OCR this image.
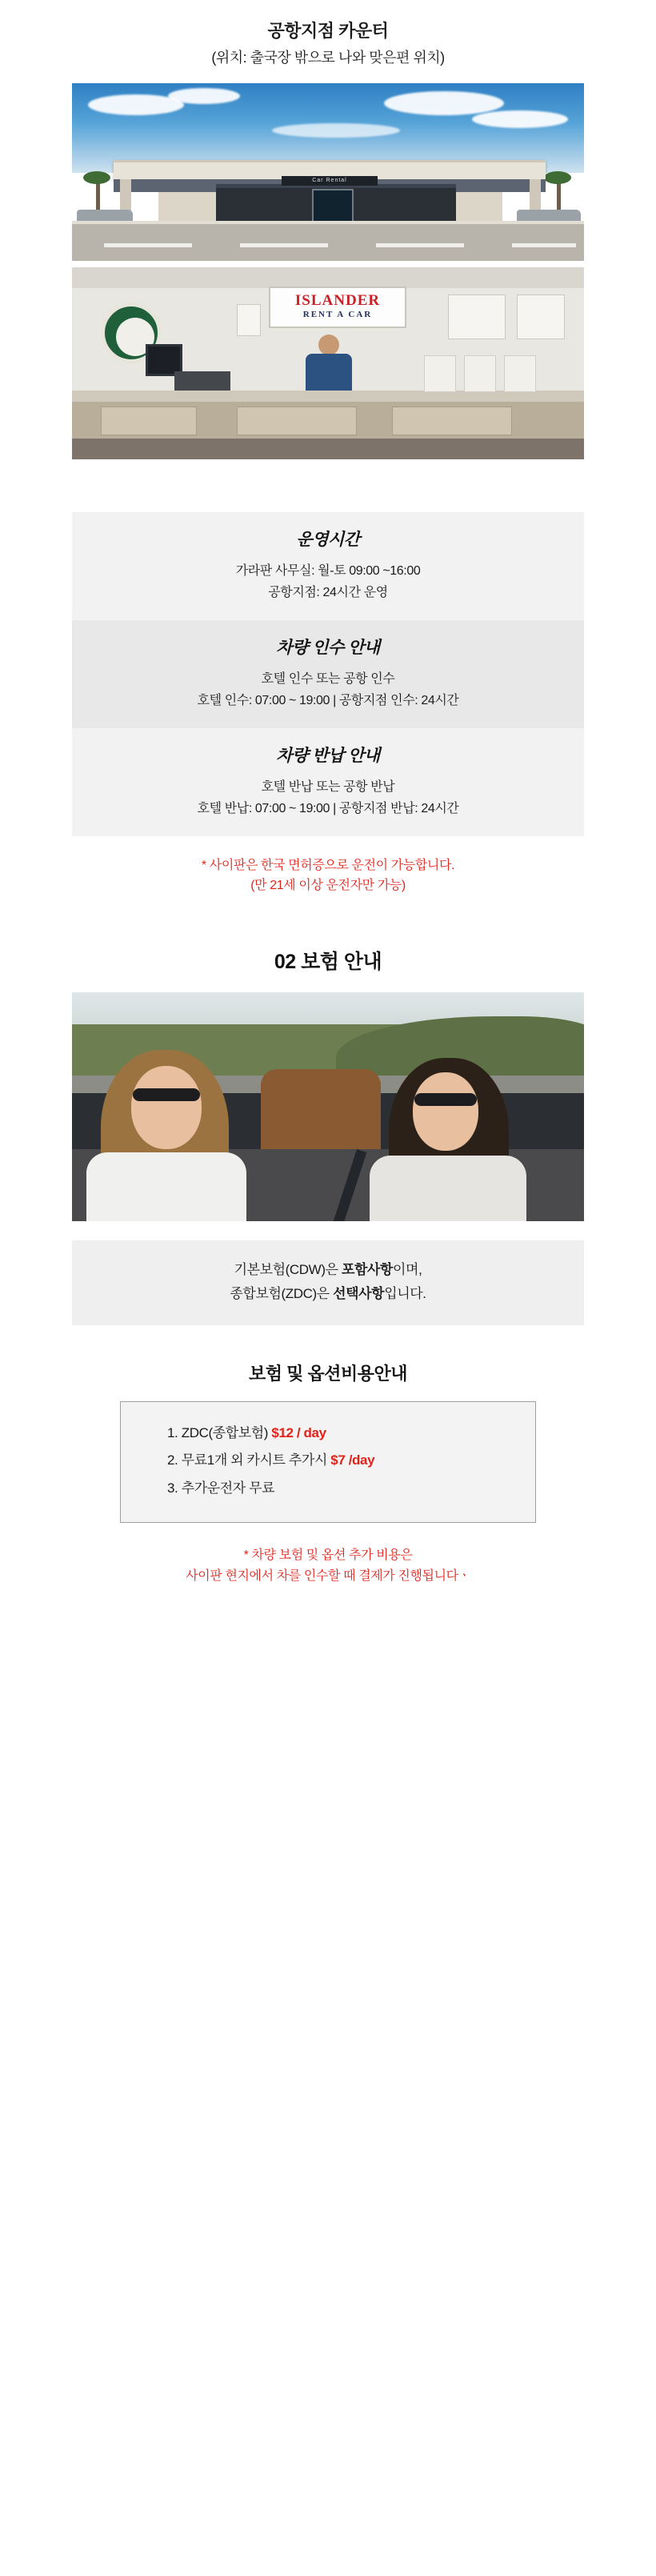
공항지점 카운터
(위치: 출국장 밖으로 나와 맞은편 위치)
Car Rental
ISLANDER
RENT A CAR
운영시간
가라판 사무실: 월-토 09:00 ~16:00
공항지점: 24시간 운영
차량 인수 안내
호텔 인수 또는 공항 인수
호텔 인수: 07:00 ~ 19:00 | 공항지점 인수: 24시간
차량 반납 안내
호텔 반납 또는 공항 반납
호텔 반납: 07:00 ~ 19:00 | 공항지점 반납: 24시간
* 사이판은 한국 면허증으로 운전이 가능합니다.
(만 21세 이상 운전자만 가능)
02 보험 안내
기본보험(CDW)은 포함사항이며,
종합보험(ZDC)은 선택사항입니다.
보험 및 옵션비용안내
1. ZDC(종합보험) $12 / day
2. 무료1개 외 카시트 추가시 $7 /day
3. 추가운전자 무료
* 차량 보험 및 옵션 추가 비용은
사이판 현지에서 차를 인수할 때 결제가 진행됩니다ㆍ
